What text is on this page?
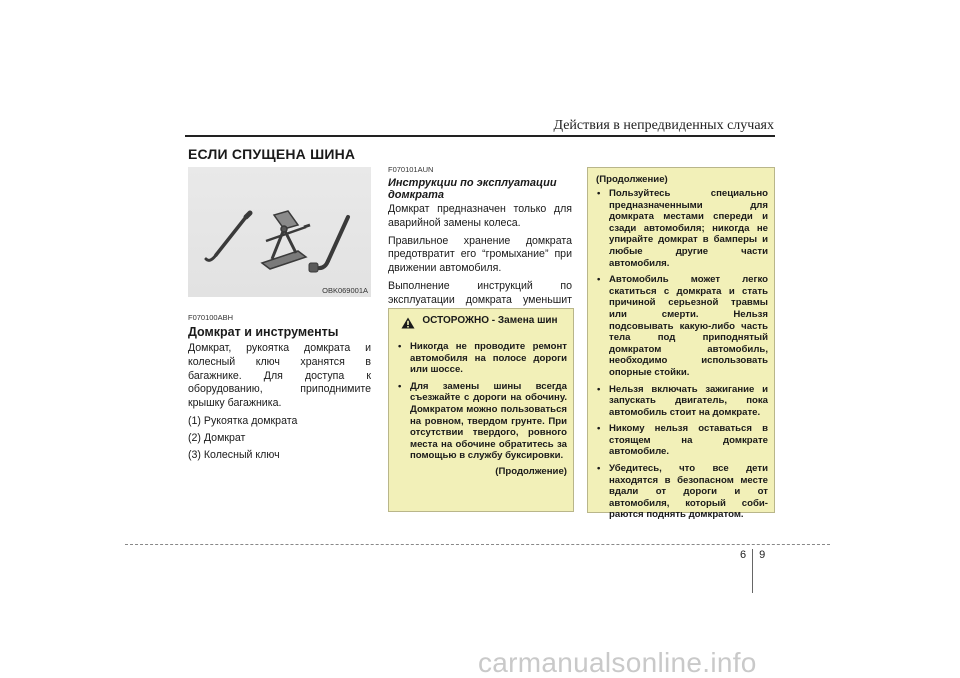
Действия в непредвиденных случаях
ЕСЛИ СПУЩЕНА ШИНА
OBK069001A
F070100ABH
Домкрат и инструменты

Домкрат, рукоятка домкрата и колесный ключ хранятся в багажнике. Для доступа к оборудованию, приподнимите крышку багажника.

(1) Рукоятка домкрата

(2) Домкрат

(3) Колесный ключ

F070101AUN
Инструкции по эксплуатации домкрата

Домкрат предназначен только для аварийной замены колеса.

Правильное хранение домкрата предотвратит его “громыхание” при движении автомобиля.

Выполнение инструкций по эксплуатации домкрата уменьшит

ОСТОРОЖНО - Замена шин
• Никогда не проводите ремонт автомобиля на полосе дороги или шоссе.
• Для замены шины всегда съезжайте с дороги на обочину. Домкратом можно пользоваться на ровном, твердом грунте. При отсутствии твердого, ровного места на обочине обратитесь за помощью в службу буксировки.
(Продолжение)
(Продолжение)
• Пользуйтесь специально предназначенными для домкрата местами спереди и сзади автомобиля; никогда не упирайте домкрат в бамперы и любые другие части автомобиля.
• Автомобиль может легко скатиться с домкрата и стать причиной серьезной травмы или смерти. Нельзя подсовывать какую-либо часть тела под приподнятый домкратом автомобиль, необходимо использовать опорные стойки.
• Нельзя включать зажигание и запускать двигатель, пока автомобиль стоит на домкрате.
• Никому нельзя оставаться в стоящем на домкрате автомобиле.
• Убедитесь, что все дети находятся в безопасном месте вдали от дороги и от автомобиля, который соби- раются поднять домкратом.
6 9
carmanualsonline.info
